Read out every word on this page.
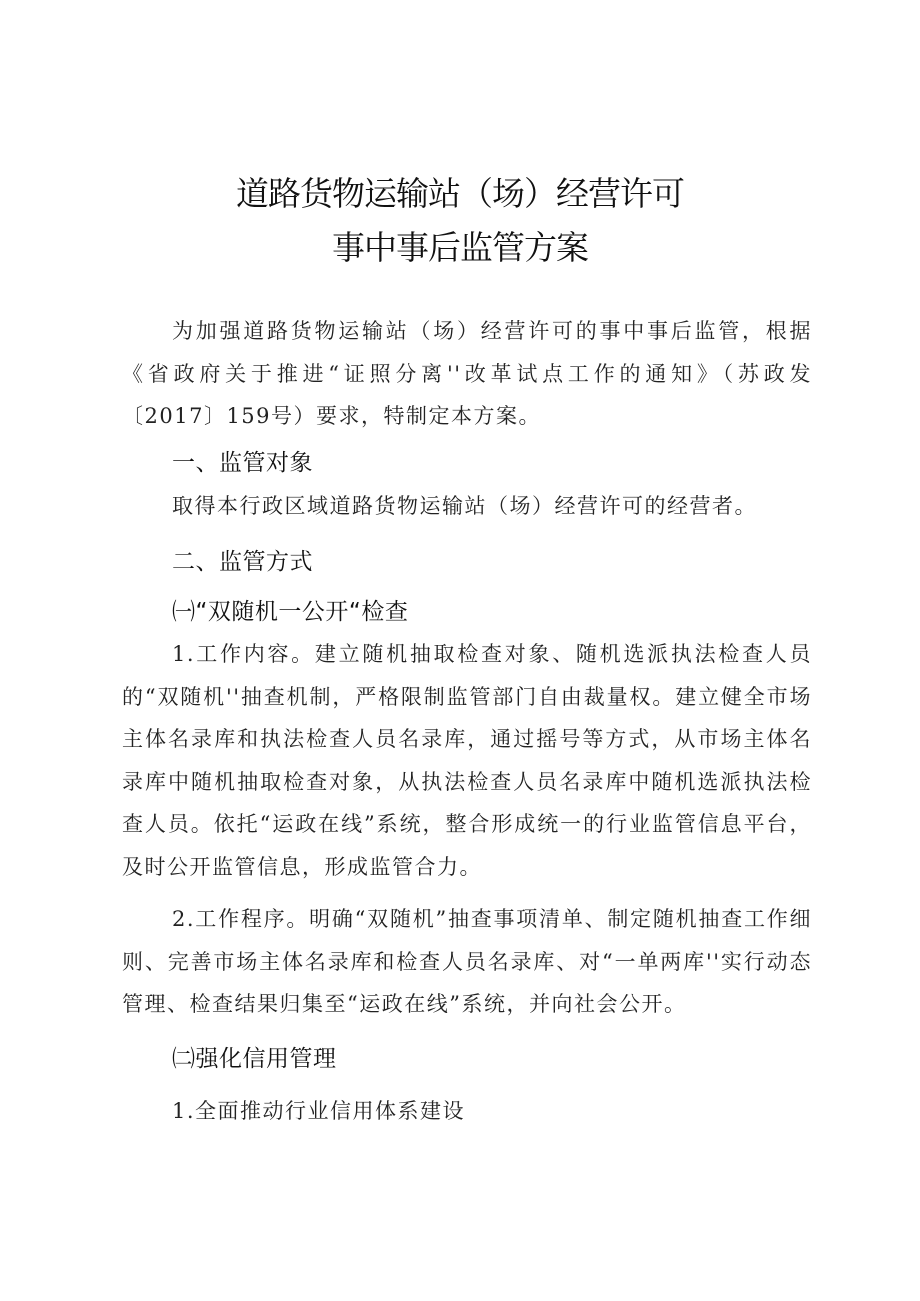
道路货物运输站（场）经营许可
事中事后监管方案

为加强道路货物运输站（场）经营许可的事中事后监管，根据《省政府关于推进“证照分离''改革试点工作的通知》（苏政发〔2017〕159号）要求，特制定本方案。

一、监管对象
取得本行政区域道路货物运输站（场）经营许可的经营者。
二、监管方式
㈠“双随机一公开“检查

1.工作内容。建立随机抽取检查对象、随机选派执法检查人员的“双随机''抽查机制，严格限制监管部门自由裁量权。建立健全市场主体名录库和执法检查人员名录库，通过摇号等方式，从市场主体名录库中随机抽取检查对象，从执法检查人员名录库中随机选派执法检查人员。依托“运政在线”系统，整合形成统一的行业监管信息平台，及时公开监管信息，形成监管合力。

2.工作程序。明确“双随机”抽查事项清单、制定随机抽查工作细则、完善市场主体名录库和检查人员名录库、对“一单两库''实行动态管理、检查结果归集至“运政在线”系统，并向社会公开。

㈡强化信用管理
1.全面推动行业信用体系建设
